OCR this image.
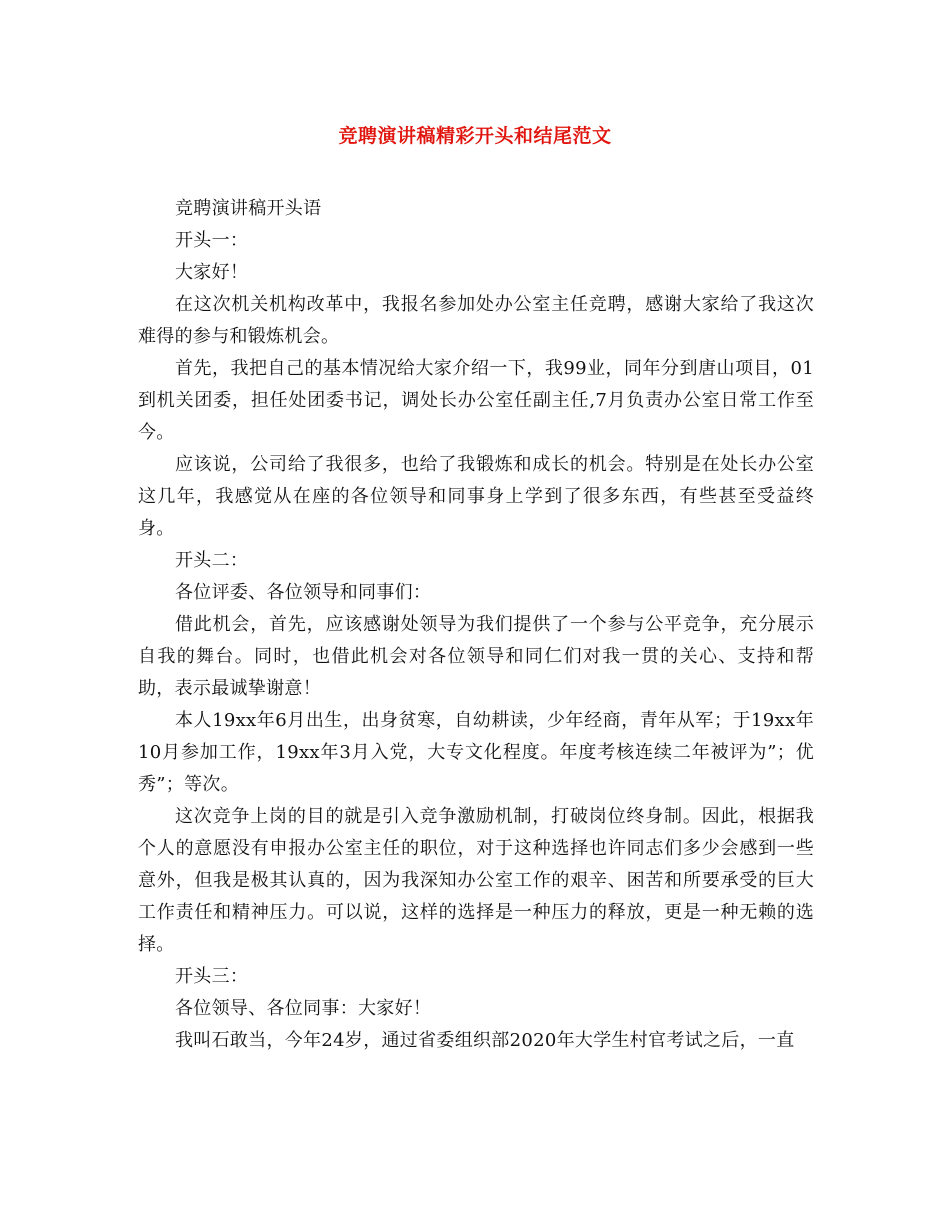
竞聘演讲稿精彩开头和结尾范文

竞聘演讲稿开头语

开头一：

大家好！

在这次机关机构改革中，我报名参加处办公室主任竞聘，感谢大家给了我这次难得的参与和锻炼机会。

首先，我把自己的基本情况给大家介绍一下，我99业，同年分到唐山项目，01到机关团委，担任处团委书记，调处长办公室任副主任,7月负责办公室日常工作至今。

应该说，公司给了我很多，也给了我锻炼和成长的机会。特别是在处长办公室这几年，我感觉从在座的各位领导和同事身上学到了很多东西，有些甚至受益终身。

开头二：

各位评委、各位领导和同事们：

借此机会，首先，应该感谢处领导为我们提供了一个参与公平竞争，充分展示自我的舞台。同时，也借此机会对各位领导和同仁们对我一贯的关心、支持和帮助，表示最诚挚谢意！

本人19xx年6月出生，出身贫寒，自幼耕读，少年经商，青年从军；于19xx年10月参加工作，19xx年3月入党，大专文化程度。年度考核连续二年被评为”；优秀”；等次。

这次竞争上岗的目的就是引入竞争激励机制，打破岗位终身制。因此，根据我个人的意愿没有申报办公室主任的职位，对于这种选择也许同志们多少会感到一些意外，但我是极其认真的，因为我深知办公室工作的艰辛、困苦和所要承受的巨大工作责任和精神压力。可以说，这样的选择是一种压力的释放，更是一种无赖的选择。

开头三：

各位领导、各位同事：大家好！

我叫石敢当，今年24岁，通过省委组织部2020年大学生村官考试之后，一直
